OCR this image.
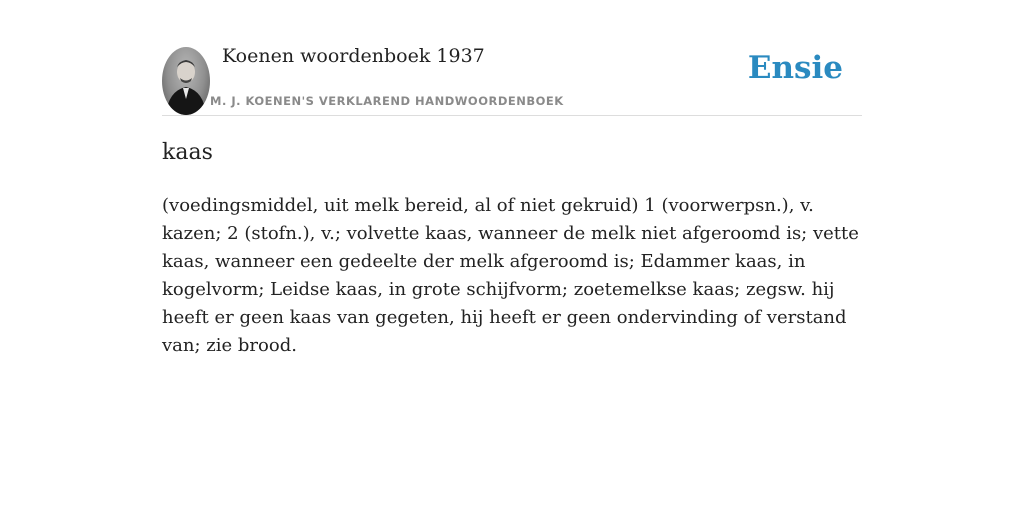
Koenen woordenboek 1937
M. J. KOENEN'S VERKLAREND HANDWOORDENBOEK
Ensie
kaas

(voedingsmiddel, uit melk bereid, al of niet gekruid) 1 (voorwerpsn.), v. kazen; 2 (stofn.), v.; volvette kaas, wanneer de melk niet afgeroomd is; vette kaas, wanneer een gedeelte der melk afgeroomd is; Edammer kaas, in kogelvorm; Leidse kaas, in grote schijfvorm; zoetemelkse kaas; zegsw. hij heeft er geen kaas van gegeten, hij heeft er geen ondervinding of verstand van; zie brood.
